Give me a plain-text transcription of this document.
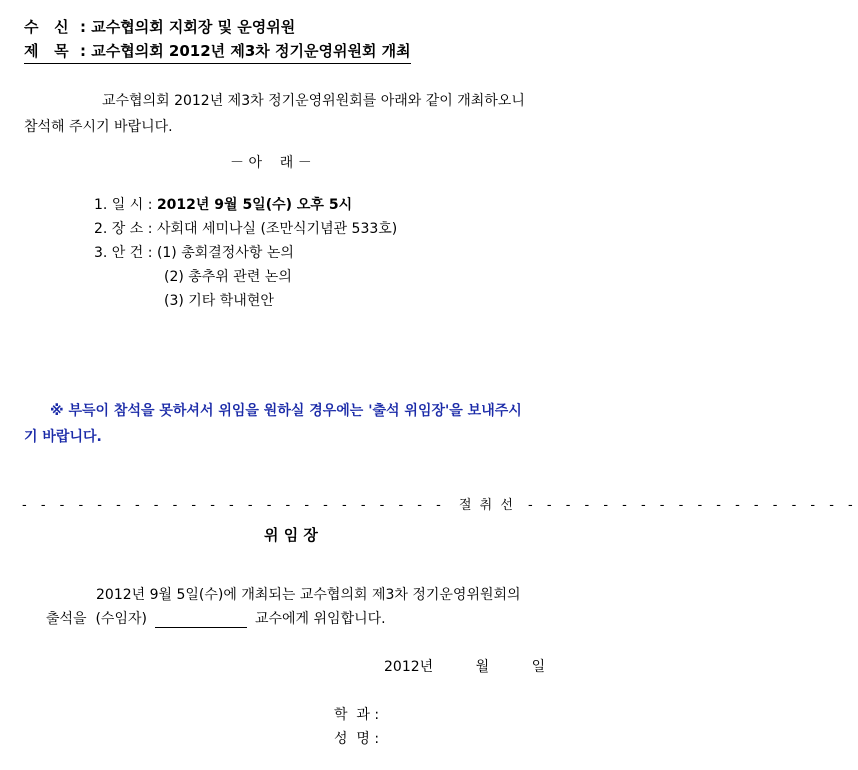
수   신 : 교수협의회 지회장 및 운영위원
제   목 : 교수협의회 2012년 제3차 정기운영위원회 개최
교수협의회 2012년 제3차 정기운영위원회를 아래와 같이 개최하오니
참석해 주시기 바랍니다.
－ 아    래 －
1. 일 시 : 2012년 9월 5일(수) 오후 5시
2. 장 소 : 사회대 세미나실 (조만식기념관 533호)
3. 안 건 : (1) 총회결정사항 논의
(2) 총추위 관련 논의
(3) 기타 학내현안
※ 부득이 참석을 못하셔서 위임을 원하실 경우에는 '출석 위임장'을 보내주시
기 바랍니다.
- - - - - - - - - - - - - - - - - - - - - - - 절 취 선 - - - - - - - - - - - - - - - - - -
위 임 장
2012년 9월 5일(수)에 개최되는 교수협의회 제3차 정기운영위원회의
출석을  (수임자)	교수에게 위임합니다.
2012년	월	일
학  과 :
성  명 :
